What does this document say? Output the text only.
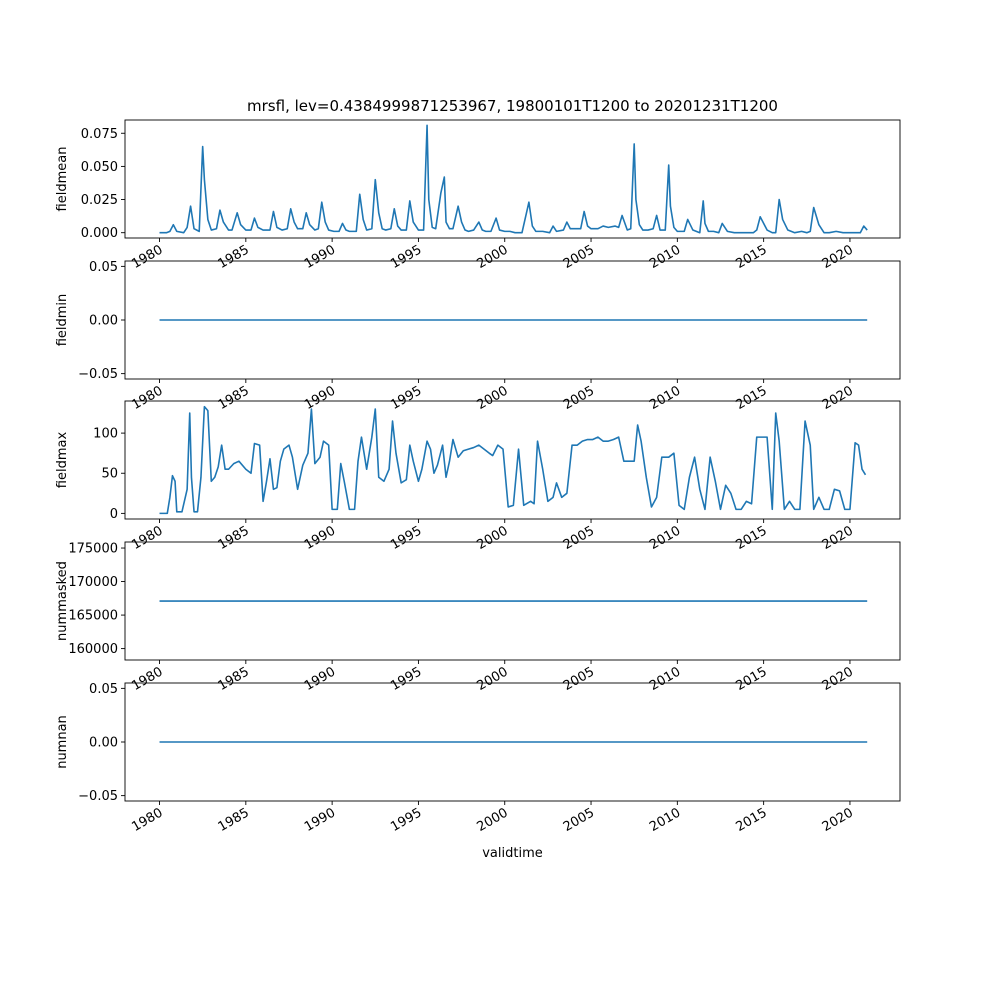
mrsfl, lev=0.4384999871253967, 19800101T1200 to 20201231T1200
0.000
0.025
0.050
0.075
1980	1985	1990	1995	2000	2005	2010	2015	2020
fieldmean
−0.05
0.00
0.05
1980	1985	1990	1995	2000	2005	2010	2015	2020
fieldmin
0
50
100
1980	1985	1990	1995	2000	2005	2010	2015	2020
fieldmax
160000
165000
170000
175000
1980	1985	1990	1995	2000	2005	2010	2015	2020
nummasked
−0.05
0.00
0.05
1980	1985	1990	1995	2000	2005	2010	2015	2020
numnan
validtime
